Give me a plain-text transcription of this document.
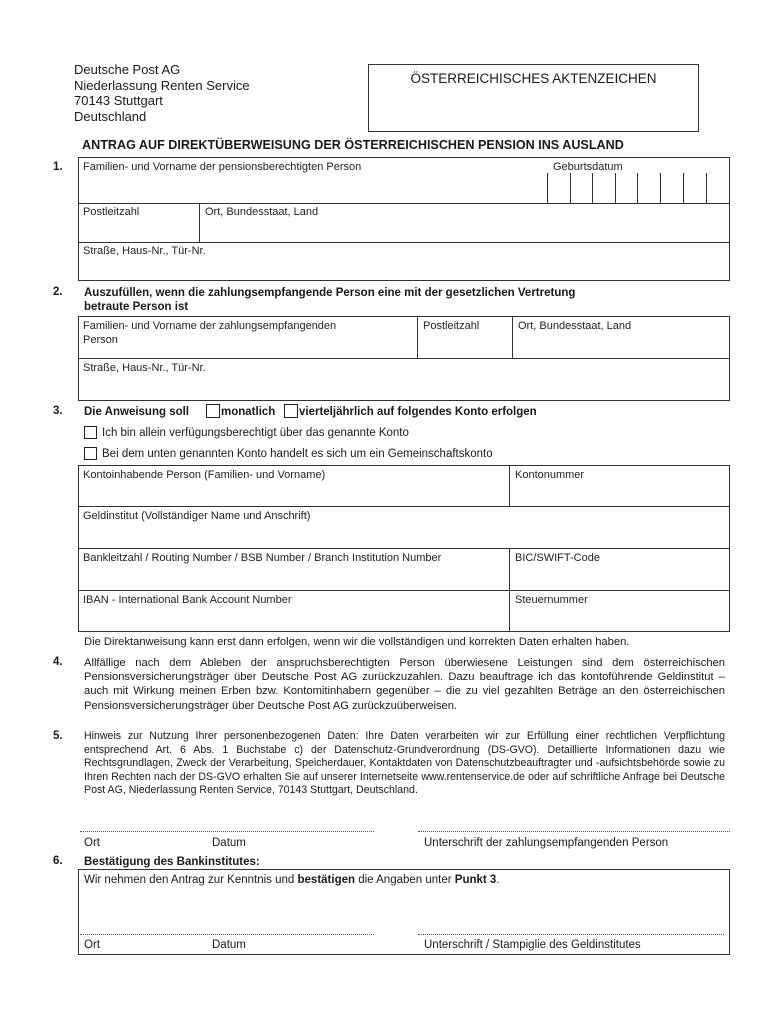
Deutsche Post AG
Niederlassung Renten Service
70143 Stuttgart
Deutschland
ÖSTERREICHISCHES AKTENZEICHEN
ANTRAG AUF DIREKTÜBERWEISUNG DER ÖSTERREICHISCHEN PENSION INS AUSLAND
1. Familien- und Vorname der pensionsberechtigten Person	Geburtsdatum
Postleitzahl	Ort, Bundesstaat, Land
Straße, Haus-Nr., Tür-Nr.
2. Auszufüllen, wenn die zahlungsempfangende Person eine mit der gesetzlichen Vertretung
betraute Person ist
Familien- und Vorname der zahlungsempfangenden
Person
Postleitzahl	Ort, Bundesstaat, Land
Straße, Haus-Nr., Tür-Nr.
3. Die Anweisung soll	monatlich vierteljährlich auf folgendes Konto erfolgen
Ich bin allein verfügungsberechtigt über das genannte Konto
Bei dem unten genannten Konto handelt es sich um ein Gemeinschaftskonto
Kontoinhabende Person (Familien- und Vorname)	Kontonummer
Geldinstitut (Vollständiger Name und Anschrift)
Bankleitzahl / Routing Number / BSB Number / Branch Institution Number	BIC/SWIFT-Code
IBAN - International Bank Account Number	Steuernummer
Die Direktanweisung kann erst dann erfolgen, wenn wir die vollständigen und korrekten Daten erhalten haben.
4. Allfällige nach dem Ableben der anspruchsberechtigten Person überwiesene Leistungen sind dem österreichischen Pensionsversicherungsträger über Deutsche Post AG zurückzuzahlen. Dazu beauftrage ich das kontoführende Geldinstitut – auch mit Wirkung meinen Erben bzw. Kontomitinhabern gegenüber – die zu viel gezahlten Beträge an den österreichischen Pensionsversicherungsträger über Deutsche Post AG zurückzuüberweisen.
5. Hinweis zur Nutzung Ihrer personenbezogenen Daten: Ihre Daten verarbeiten wir zur Erfüllung einer rechtlichen Verpflichtung entsprechend Art. 6 Abs. 1 Buchstabe c) der Datenschutz-Grundverordnung (DS-GVO). Detaillierte Informationen dazu wie Rechtsgrundlagen, Zweck der Verarbeitung, Speicherdauer, Kontaktdaten von Datenschutzbeauftragter und -aufsichtsbehörde sowie zu Ihren Rechten nach der DS-GVO erhalten Sie auf unserer Internetseite www.rentenservice.de oder auf schriftliche Anfrage bei Deutsche Post AG, Niederlassung Renten Service, 70143 Stuttgart, Deutschland.
Ort	Datum	Unterschrift der zahlungsempfangenden Person
6. Bestätigung des Bankinstitutes:
Wir nehmen den Antrag zur Kenntnis und bestätigen die Angaben unter Punkt 3.
Ort	Datum	Unterschrift / Stampiglie des Geldinstitutes
